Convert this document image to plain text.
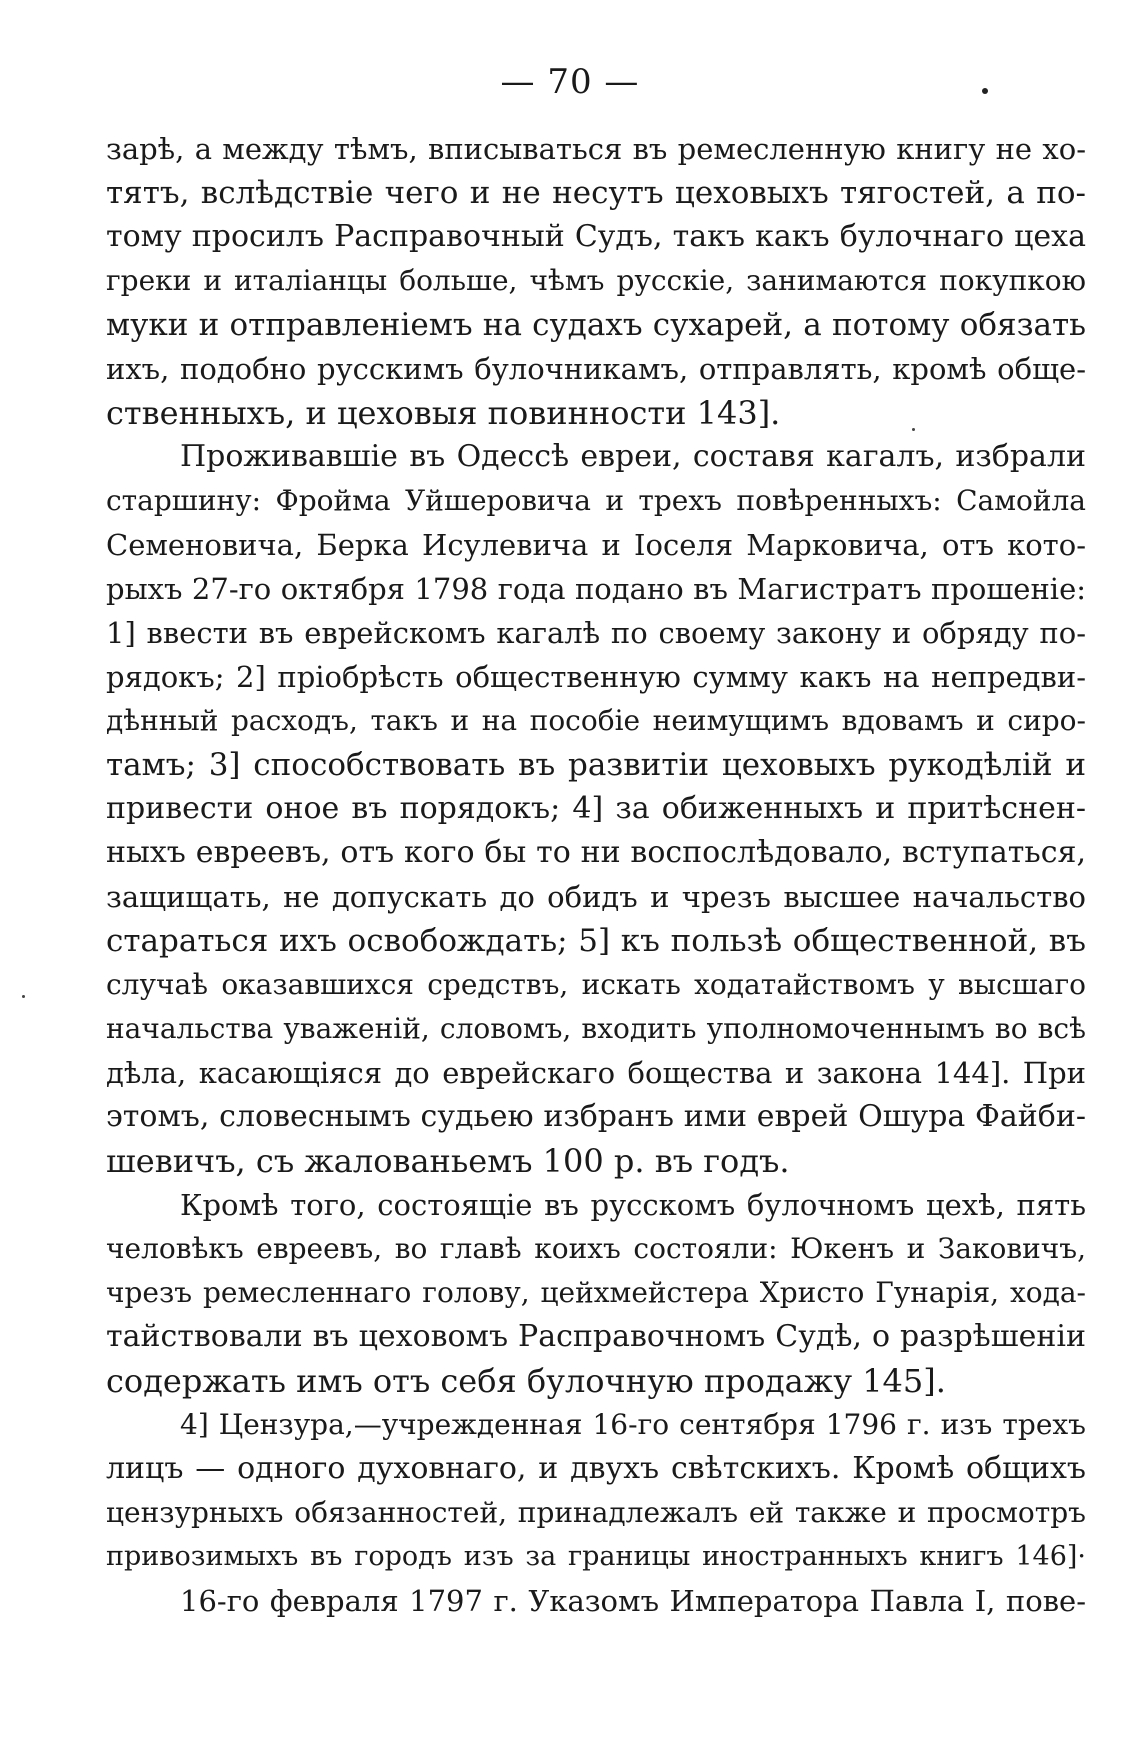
— 70 —
зарѣ, а между тѣмъ, вписываться въ ремесленную книгу не хо-
тятъ, вслѣдствіе чего и не несутъ цеховыхъ тягостей, а по-
тому просилъ Расправочный Судъ, такъ какъ булочнаго цеха
греки и италіанцы больше, чѣмъ русскіе, занимаются покупкою
муки и отправленіемъ на судахъ сухарей, а потому обязать
ихъ, подобно русскимъ булочникамъ, отправлять, кромѣ обще-
ственныхъ, и цеховыя повинности 143].
Проживавшіе въ Одессѣ евреи, составя кагалъ, избрали
старшину: Фройма Уйшеровича и трехъ повѣренныхъ: Самойла
Семеновича, Берка Исулевича и Іоселя Марковича, отъ кото-
рыхъ 27-го октября 1798 года подано въ Магистратъ прошеніе:
1] ввести въ еврейскомъ кагалѣ по своему закону и обряду по-
рядокъ; 2] пріобрѣсть общественную сумму какъ на непредви-
дѣнный расходъ, такъ и на пособіе неимущимъ вдовамъ и сиро-
тамъ; 3] способствовать въ развитіи цеховыхъ рукодѣлій и
привести оное въ порядокъ; 4] за обиженныхъ и притѣснен-
ныхъ евреевъ, отъ кого бы то ни воспослѣдовало, вступаться,
защищать, не допускать до обидъ и чрезъ высшее начальство
стараться ихъ освобождать; 5] къ пользѣ общественной, въ
случаѣ оказавшихся средствъ, искать ходатайствомъ у высшаго
начальства уваженій, словомъ, входить уполномоченнымъ во всѣ
дѣла, касающіяся до еврейскаго бощества и закона 144]. При
этомъ, словеснымъ судьею избранъ ими еврей Ошура Файби-
шевичъ, съ жалованьемъ 100 р. въ годъ.
Кромѣ того, состоящіе въ русскомъ булочномъ цехѣ, пять
человѣкъ евреевъ, во главѣ коихъ состояли: Юкенъ и Заковичъ,
чрезъ ремесленнаго голову, цейхмейстера Христо Гунарія, хода-
тайствовали въ цеховомъ Расправочномъ Судѣ, о разрѣшеніи
содержать имъ отъ себя булочную продажу 145].
4] Цензура,—учрежденная 16-го сентября 1796 г. изъ трехъ
лицъ — одного духовнаго, и двухъ свѣтскихъ. Кромѣ общихъ
цензурныхъ обязанностей, принадлежалъ ей также и просмотръ
привозимыхъ въ городъ изъ за границы иностранныхъ книгъ 146]·
16-го февраля 1797 г. Указомъ Императора Павла I, пове-
